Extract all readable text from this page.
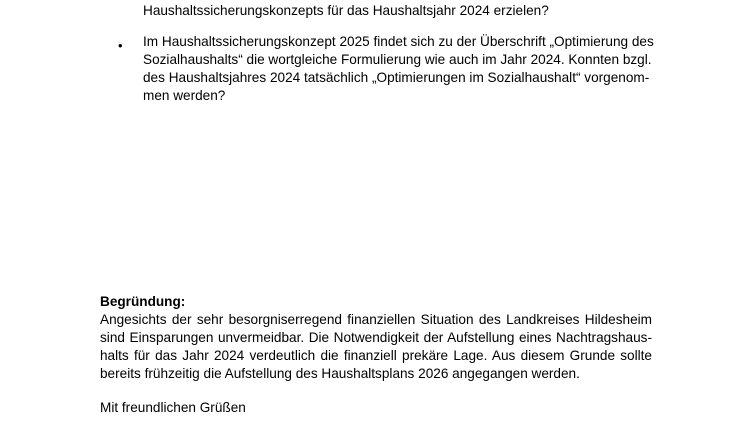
Haushaltssicherungskonzepts für das Haushaltsjahr 2024 erzielen?
• Im Haushaltssicherungskonzept 2025 findet sich zu der Überschrift „Optimierung des
Sozialhaushalts“ die wortgleiche Formulierung wie auch im Jahr 2024. Konnten bzgl.
des Haushaltsjahres 2024 tatsächlich „Optimierungen im Sozialhaushalt“ vorgenom-
men werden?
Begründung:
Angesichts der sehr besorgniserregend finanziellen Situation des Landkreises Hildesheim
sind Einsparungen unvermeidbar. Die Notwendigkeit der Aufstellung eines Nachtragshaus-
halts für das Jahr 2024 verdeutlich die finanziell prekäre Lage. Aus diesem Grunde sollte
bereits frühzeitig die Aufstellung des Haushaltsplans 2026 angegangen werden.
Mit freundlichen Grüßen
